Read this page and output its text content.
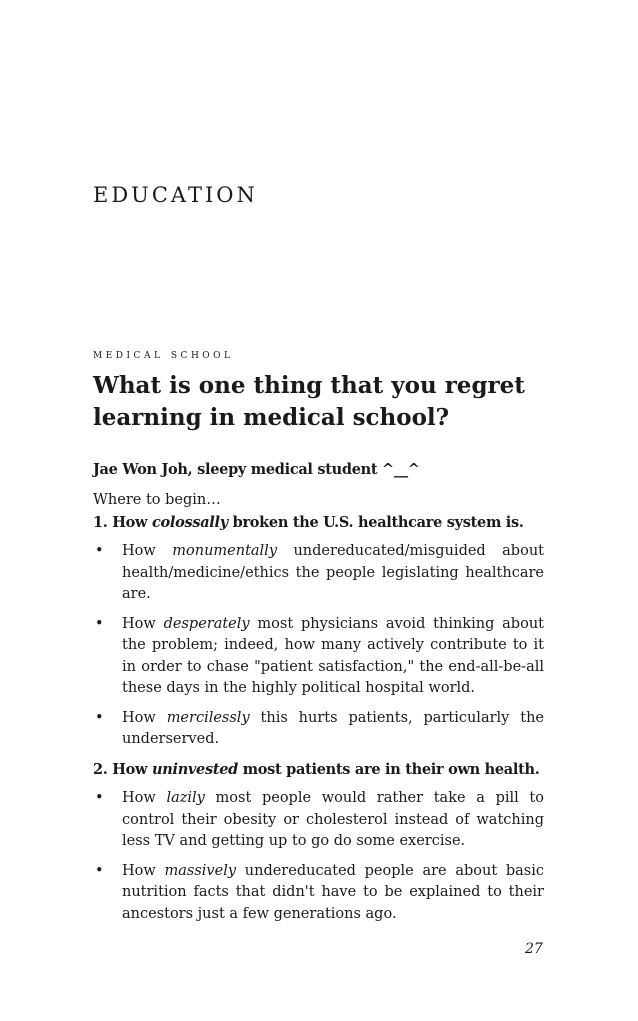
EDUCATION
medical school
What is one thing that you regret learning in medical school?
Jae Won Joh, sleepy medical student ^__^

Where to begin…

1. How colossally broken the U.S. healthcare system is.

• How monumentally undereducated/misguided about health/medicine/ethics the people legislating healthcare are.
• How desperately most physicians avoid thinking about the problem; indeed, how many actively contribute to it in order to chase "patient satisfaction," the end-all-be-all these days in the highly political hospital world.
• How mercilessly this hurts patients, particularly the underserved.

2. How uninvested most patients are in their own health.

• How lazily most people would rather take a pill to control their obesity or cholesterol instead of watching less TV and getting up to go do some exercise.
• How massively undereducated people are about basic nutrition facts that didn't have to be explained to their ancestors just a few generations ago.
27
